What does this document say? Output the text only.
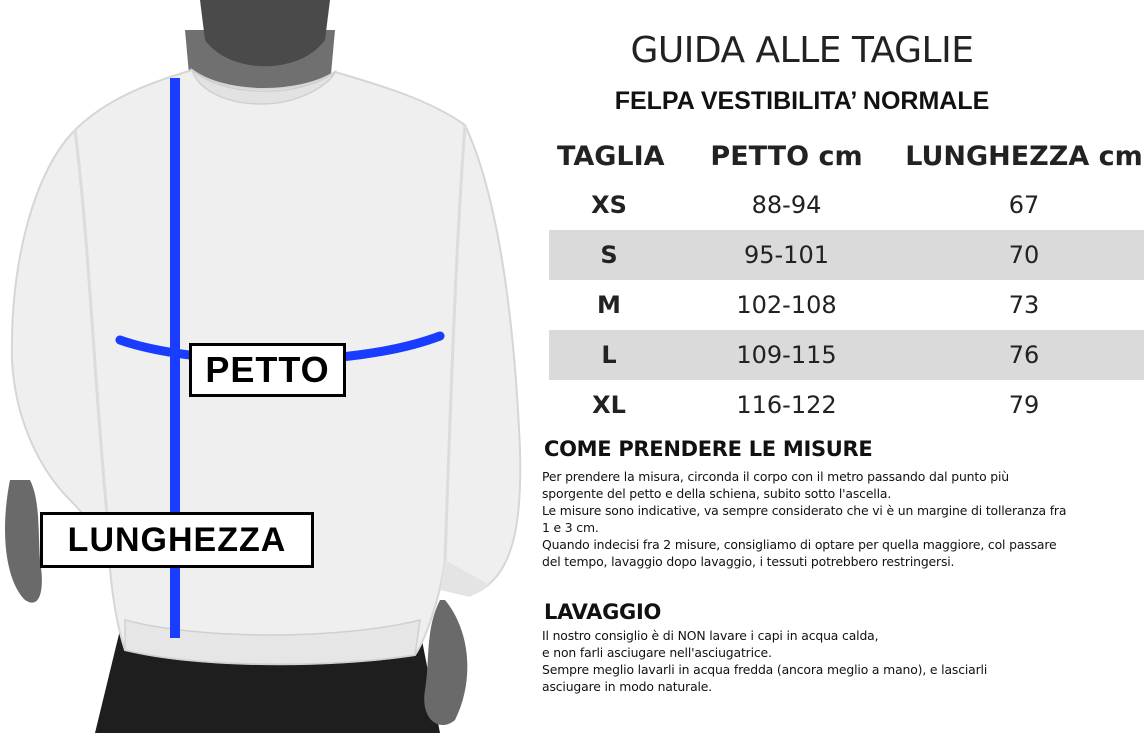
PETTO
LUNGHEZZA
GUIDA ALLE TAGLIE
FELPA VESTIBILITA’ NORMALE
TAGLIA	PETTO cm	LUNGHEZZA cm
XS	88-94	67
S	95-101	70
M	102-108	73
L	109-115	76
XL	116-122	79
COME PRENDERE LE MISURE
Per prendere la misura, circonda il corpo con il metro passando dal punto più
sporgente del petto e della schiena, subito sotto l'ascella.
Le misure sono indicative, va sempre considerato che vi è un margine di tolleranza fra
1 e 3 cm.
Quando indecisi fra 2 misure, consigliamo di optare per quella maggiore, col passare
del tempo, lavaggio dopo lavaggio, i tessuti potrebbero restringersi.
LAVAGGIO
Il nostro consiglio è di NON lavare i capi in acqua calda,
e non farli asciugare nell'asciugatrice.
Sempre meglio lavarli in acqua fredda (ancora meglio a mano), e lasciarli
asciugare in modo naturale.
